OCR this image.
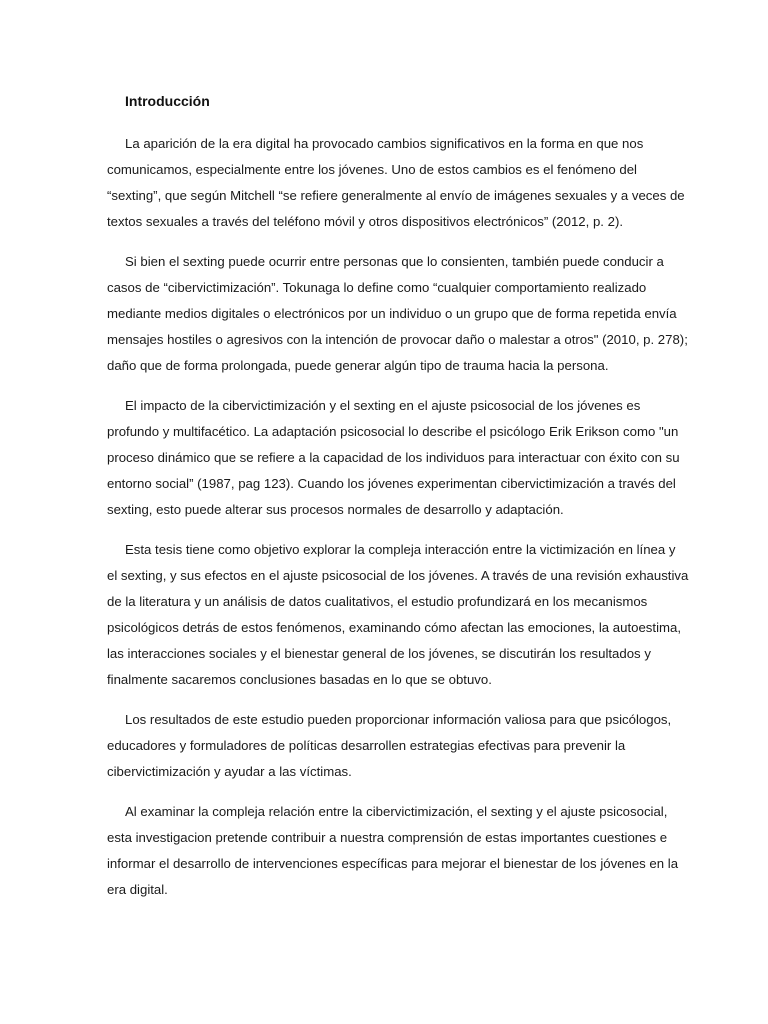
Introducción
La aparición de la era digital ha provocado cambios significativos en la forma en que nos
comunicamos, especialmente entre los jóvenes. Uno de estos cambios es el fenómeno del
“sexting”, que según Mitchell “se refiere generalmente al envío de imágenes sexuales y a veces de
textos sexuales a través del teléfono móvil y otros dispositivos electrónicos” (2012, p. 2).
Si bien el sexting puede ocurrir entre personas que lo consienten, también puede conducir a
casos de “cibervictimización”. Tokunaga lo define como “cualquier comportamiento realizado
mediante medios digitales o electrónicos por un individuo o un grupo que de forma repetida envía
mensajes hostiles o agresivos con la intención de provocar daño o malestar a otros" (2010, p. 278);
daño que de forma prolongada, puede generar algún tipo de trauma hacia la persona.
El impacto de la cibervictimización y el sexting en el ajuste psicosocial de los jóvenes es
profundo y multifacético. La adaptación psicosocial lo describe el psicólogo Erik Erikson como "un
proceso dinámico que se refiere a la capacidad de los individuos para interactuar con éxito con su
entorno social” (1987, pag 123). Cuando los jóvenes experimentan cibervictimización a través del
sexting, esto puede alterar sus procesos normales de desarrollo y adaptación.
Esta tesis tiene como objetivo explorar la compleja interacción entre la victimización en línea y
el sexting, y sus efectos en el ajuste psicosocial de los jóvenes. A través de una revisión exhaustiva
de la literatura y un análisis de datos cualitativos, el estudio profundizará en los mecanismos
psicológicos detrás de estos fenómenos, examinando cómo afectan las emociones, la autoestima,
las interacciones sociales y el bienestar general de los jóvenes, se discutirán los resultados y
finalmente sacaremos conclusiones basadas en lo que se obtuvo.
Los resultados de este estudio pueden proporcionar información valiosa para que psicólogos,
educadores y formuladores de políticas desarrollen estrategias efectivas para prevenir la
cibervictimización y ayudar a las víctimas.
Al examinar la compleja relación entre la cibervictimización, el sexting y el ajuste psicosocial,
esta investigacion pretende contribuir a nuestra comprensión de estas importantes cuestiones e
informar el desarrollo de intervenciones específicas para mejorar el bienestar de los jóvenes en la
era digital.
